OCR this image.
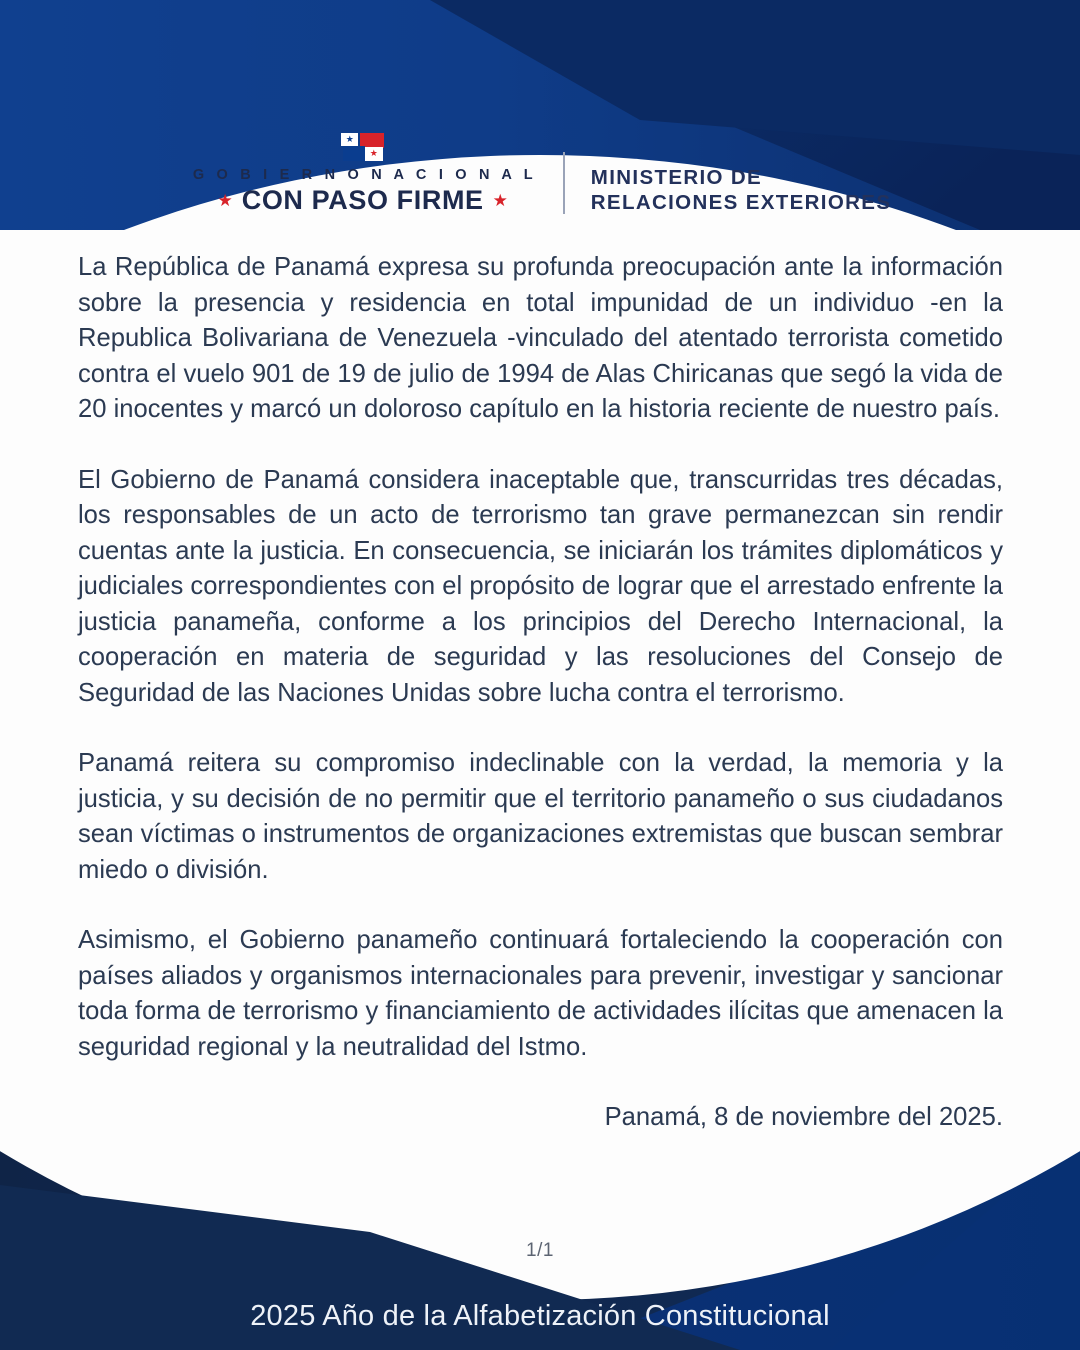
★
★
G O B I E R N O N A C I O N A L
★ CON PASO FIRME ★
MINISTERIO DE
RELACIONES EXTERIORES

La República de Panamá expresa su profunda preocupación ante la información sobre la presencia y residencia en total impunidad de un individuo -en la Republica Bolivariana de Venezuela -vinculado del atentado terrorista cometido contra el vuelo 901 de 19 de julio de 1994 de Alas Chiricanas que segó la vida de 20 inocentes y marcó un doloroso capítulo en la historia reciente de nuestro país.

El Gobierno de Panamá considera inaceptable que, transcurridas tres décadas, los responsables de un acto de terrorismo tan grave permanezcan sin rendir cuentas ante la justicia. En consecuencia, se iniciarán los trámites diplomáticos y judiciales correspondientes con el propósito de lograr que el arrestado enfrente la justicia panameña, conforme a los principios del Derecho Internacional, la cooperación en materia de seguridad y las resoluciones del Consejo de Seguridad de las Naciones Unidas sobre lucha contra el terrorismo.

Panamá reitera su compromiso indeclinable con la verdad, la memoria y la justicia, y su decisión de no permitir que el territorio panameño o sus ciudadanos sean víctimas o instrumentos de organizaciones extremistas que buscan sembrar miedo o división.

Asimismo, el Gobierno panameño continuará fortaleciendo la cooperación con países aliados y organismos internacionales para prevenir, investigar y sancionar toda forma de terrorismo y financiamiento de actividades ilícitas que amenacen la seguridad regional y la neutralidad del Istmo.

Panamá, 8 de noviembre del 2025.

1/1
2025 Año de la Alfabetización Constitucional
